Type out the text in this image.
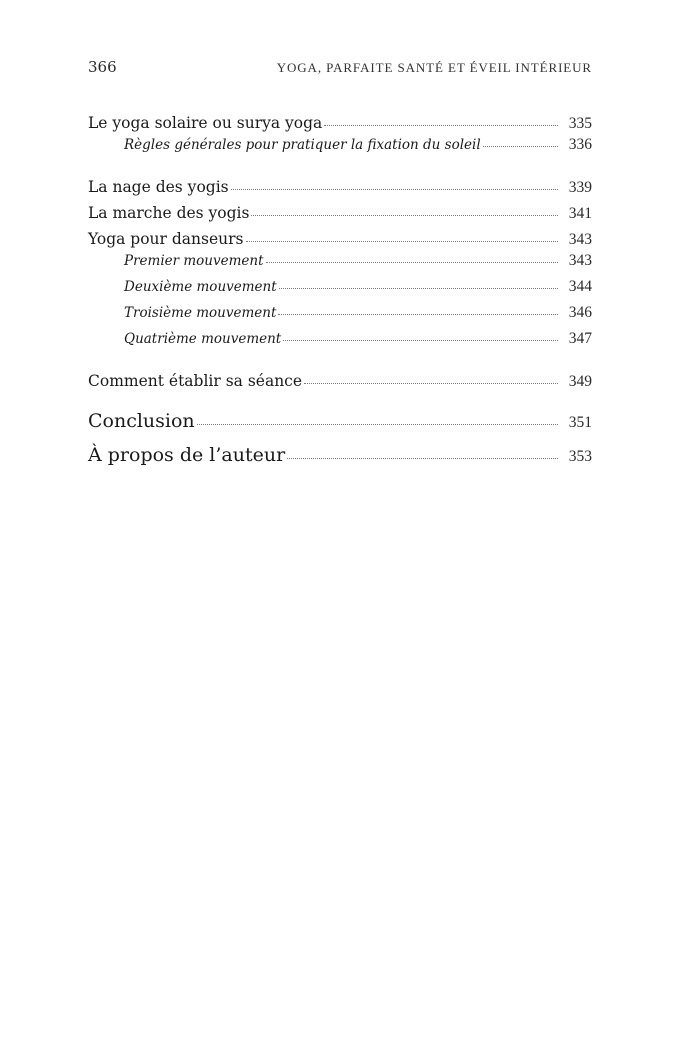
366	YOGA, PARFAITE SANTÉ ET ÉVEIL INTÉRIEUR
Le yoga solaire ou surya yoga	335
Règles générales pour pratiquer la fixation du soleil	336
La nage des yogis	339
La marche des yogis	341
Yoga pour danseurs	343
Premier mouvement	343
Deuxième mouvement	344
Troisième mouvement	346
Quatrième mouvement	347
Comment établir sa séance	349
Conclusion	351
À propos de l’auteur	353
